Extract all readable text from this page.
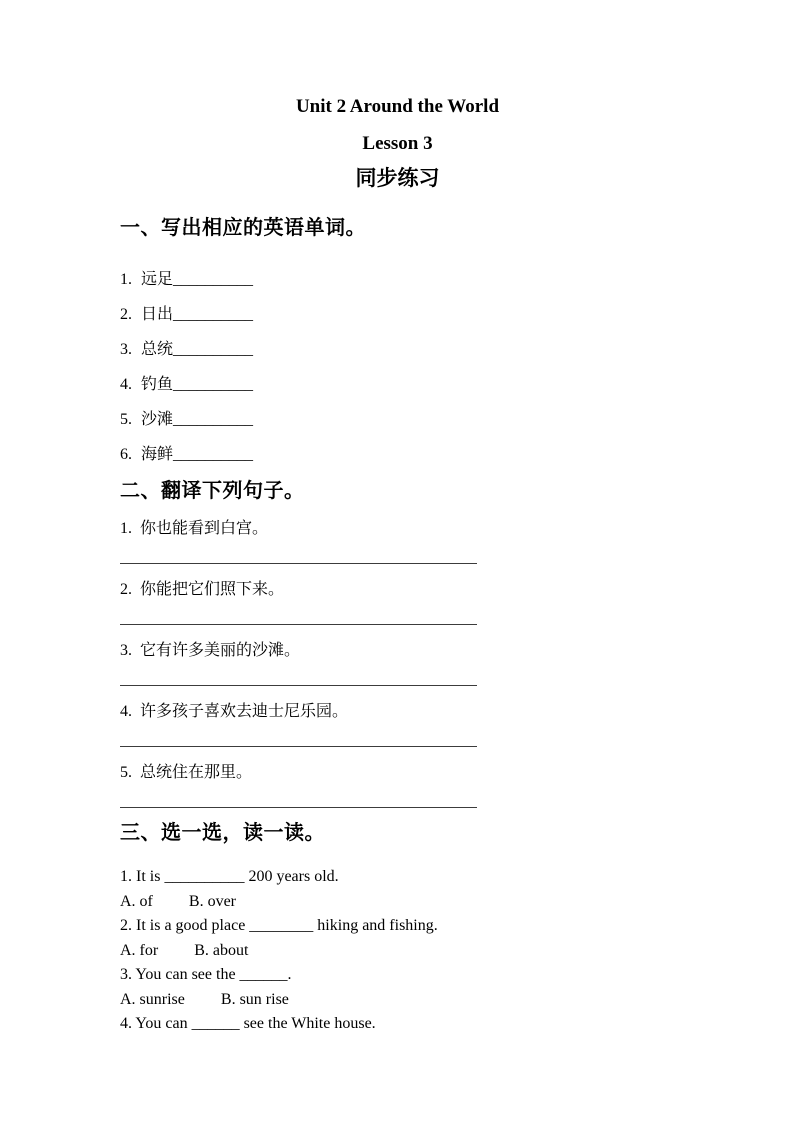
Unit 2 Around the World
Lesson 3
同步练习
一、写出相应的英语单词。
1. 远足__________
2. 日出__________
3. 总统__________
4. 钓鱼__________
5. 沙滩__________
6. 海鲜__________
二、翻译下列句子。
1. 你也能看到白宫。
2. 你能把它们照下来。
3. 它有许多美丽的沙滩。
4. 许多孩子喜欢去迪士尼乐园。
5. 总统住在那里。
三、选一选，读一读。
1. It is __________ 200 years old.
A. of B. over
2. It is a good place ________ hiking and fishing.
A. for B. about
3. You can see the ______.
A. sunrise B. sun rise
4. You can ______ see the White house.
